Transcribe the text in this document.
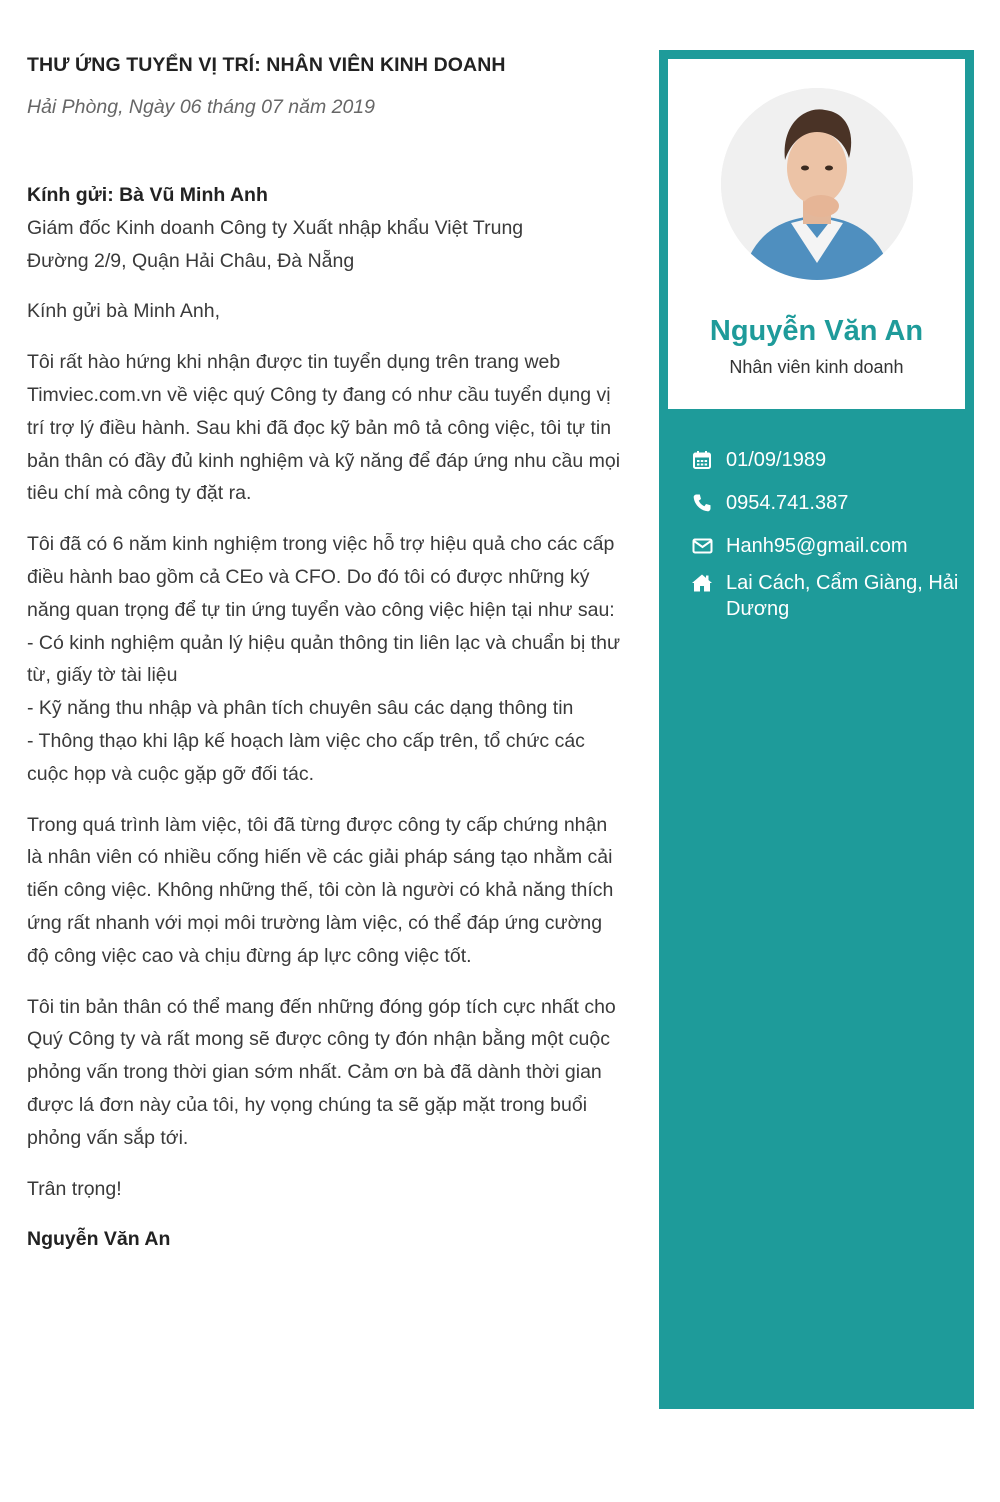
THƯ ỨNG TUYỂN VỊ TRÍ: NHÂN VIÊN KINH DOANH

Hải Phòng, Ngày 06 tháng 07 năm 2019

Kính gửi: Bà Vũ Minh Anh
Giám đốc Kinh doanh Công ty Xuất nhập khẩu Việt Trung
Đường 2/9, Quận Hải Châu, Đà Nẵng
Kính gửi bà Minh Anh,
Tôi rất hào hứng khi nhận được tin tuyển dụng trên trang web Timviec.com.vn về việc quý Công ty đang có như cầu tuyển dụng vị trí trợ lý điều hành. Sau khi đã đọc kỹ bản mô tả công việc, tôi tự tin bản thân có đầy đủ kinh nghiệm và kỹ năng để đáp ứng nhu cầu mọi tiêu chí mà công ty đặt ra.

Tôi đã có 6 năm kinh nghiệm trong việc hỗ trợ hiệu quả cho các cấp điều hành bao gồm cả CEo và CFO. Do đó tôi có được những ký năng quan trọng để tự tin ứng tuyển vào công việc hiện tại như sau:

- Có kinh nghiệm quản lý hiệu quản thông tin liên lạc và chuẩn bị thư từ, giấy tờ tài liệu
- Kỹ năng thu nhập và phân tích chuyên sâu các dạng thông tin
- Thông thạo khi lập kế hoạch làm việc cho cấp trên, tổ chức các cuộc họp và cuộc gặp gỡ đối tác.
Trong quá trình làm việc, tôi đã từng được công ty cấp chứng nhận là nhân viên có nhiều cống hiến về các giải pháp sáng tạo nhằm cải tiến công việc. Không những thế, tôi còn là người có khả năng thích ứng rất nhanh với mọi môi trường làm việc, có thể đáp ứng cường độ công việc cao và chịu đừng áp lực công việc tốt.
Tôi tin bản thân có thể mang đến những đóng góp tích cực nhất cho Quý Công ty và rất mong sẽ được công ty đón nhận bằng một cuộc phỏng vấn trong thời gian sớm nhất. Cảm ơn bà đã dành thời gian được lá đơn này của tôi, hy vọng chúng ta sẽ gặp mặt trong buổi phỏng vấn sắp tới.
Trân trọng!
Nguyễn Văn An
Nguyễn Văn An
Nhân viên kinh doanh
01/09/1989
0954.741.387
Hanh95@gmail.com
Lai Cách, Cẩm Giàng, Hải Dương
